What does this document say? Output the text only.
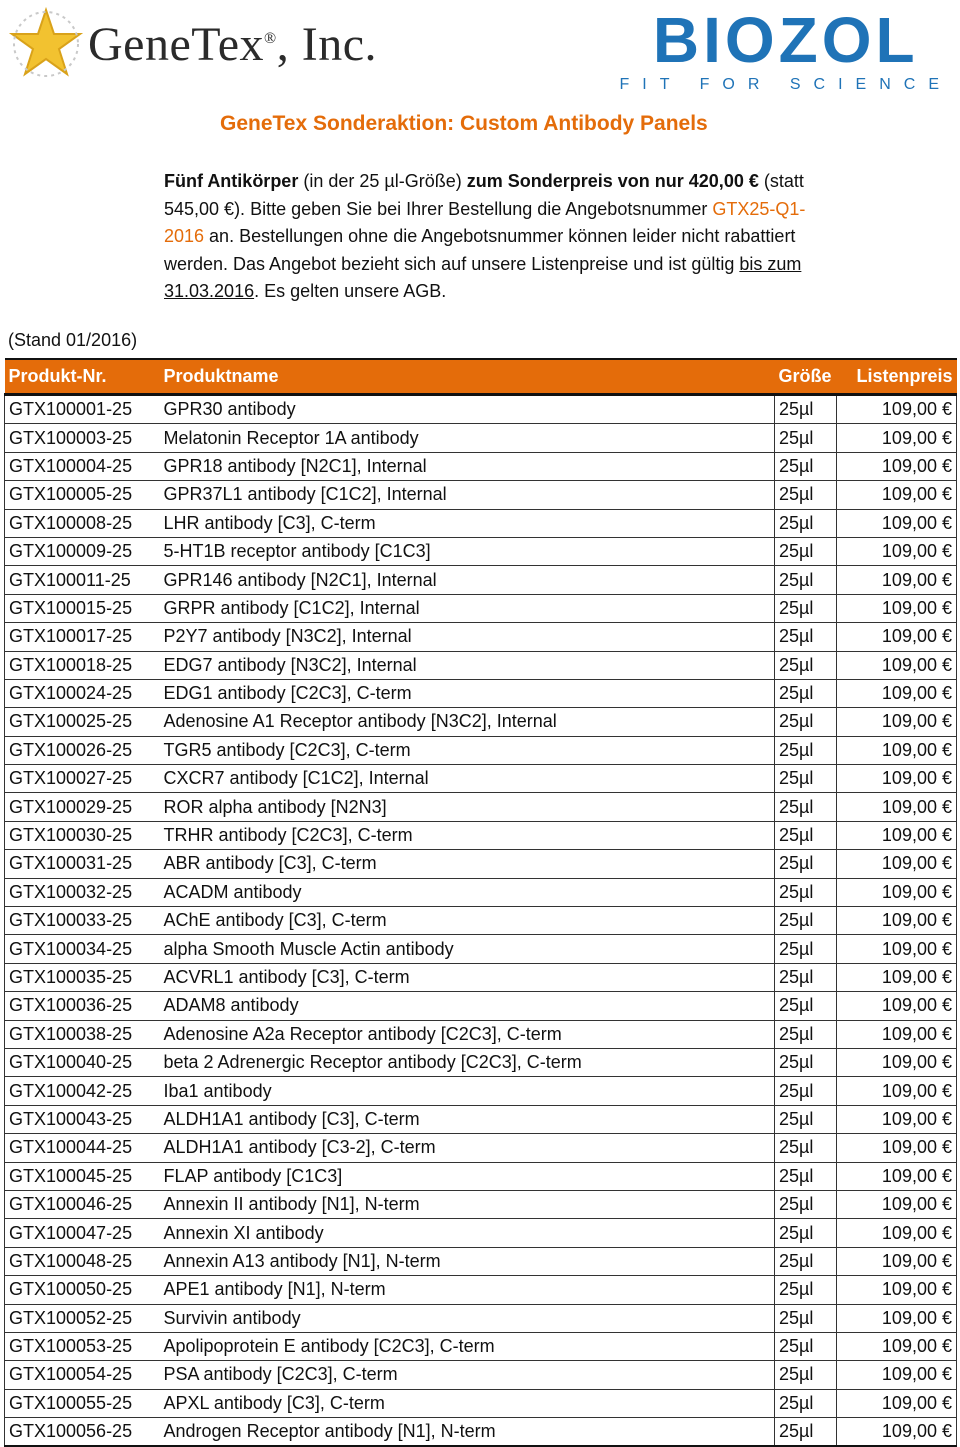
GeneTex®, Inc.	BIOZOL
FIT FOR SCIENCE
GeneTex Sonderaktion: Custom Antibody Panels
Fünf Antikörper (in der 25 µl-Größe) zum Sonderpreis von nur 420,00 € (statt 545,00 €). Bitte geben Sie bei Ihrer Bestellung die Angebotsnummer GTX25-Q1-2016 an. Bestellungen ohne die Angebotsnummer können leider nicht rabattiert werden. Das Angebot bezieht sich auf unsere Listenpreise und ist gültig bis zum 31.03.2016. Es gelten unsere AGB.
(Stand 01/2016)
Produkt-Nr.	Produktname	Größe	Listenpreis
GTX100001-25	GPR30 antibody	25µl	109,00 €
GTX100003-25	Melatonin Receptor 1A antibody	25µl	109,00 €
GTX100004-25	GPR18 antibody [N2C1], Internal	25µl	109,00 €
GTX100005-25	GPR37L1 antibody [C1C2], Internal	25µl	109,00 €
GTX100008-25	LHR antibody [C3], C-term	25µl	109,00 €
GTX100009-25	5-HT1B receptor antibody [C1C3]	25µl	109,00 €
GTX100011-25	GPR146 antibody [N2C1], Internal	25µl	109,00 €
GTX100015-25	GRPR antibody [C1C2], Internal	25µl	109,00 €
GTX100017-25	P2Y7 antibody [N3C2], Internal	25µl	109,00 €
GTX100018-25	EDG7 antibody [N3C2], Internal	25µl	109,00 €
GTX100024-25	EDG1 antibody [C2C3], C-term	25µl	109,00 €
GTX100025-25	Adenosine A1 Receptor antibody [N3C2], Internal	25µl	109,00 €
GTX100026-25	TGR5 antibody [C2C3], C-term	25µl	109,00 €
GTX100027-25	CXCR7 antibody [C1C2], Internal	25µl	109,00 €
GTX100029-25	ROR alpha antibody [N2N3]	25µl	109,00 €
GTX100030-25	TRHR antibody [C2C3], C-term	25µl	109,00 €
GTX100031-25	ABR antibody [C3], C-term	25µl	109,00 €
GTX100032-25	ACADM antibody	25µl	109,00 €
GTX100033-25	AChE antibody [C3], C-term	25µl	109,00 €
GTX100034-25	alpha Smooth Muscle Actin antibody	25µl	109,00 €
GTX100035-25	ACVRL1 antibody [C3], C-term	25µl	109,00 €
GTX100036-25	ADAM8 antibody	25µl	109,00 €
GTX100038-25	Adenosine A2a Receptor antibody [C2C3], C-term	25µl	109,00 €
GTX100040-25	beta 2 Adrenergic Receptor antibody [C2C3], C-term	25µl	109,00 €
GTX100042-25	Iba1 antibody	25µl	109,00 €
GTX100043-25	ALDH1A1 antibody [C3], C-term	25µl	109,00 €
GTX100044-25	ALDH1A1 antibody [C3-2], C-term	25µl	109,00 €
GTX100045-25	FLAP antibody [C1C3]	25µl	109,00 €
GTX100046-25	Annexin II antibody [N1], N-term	25µl	109,00 €
GTX100047-25	Annexin XI antibody	25µl	109,00 €
GTX100048-25	Annexin A13 antibody [N1], N-term	25µl	109,00 €
GTX100050-25	APE1 antibody [N1], N-term	25µl	109,00 €
GTX100052-25	Survivin antibody	25µl	109,00 €
GTX100053-25	Apolipoprotein E antibody [C2C3], C-term	25µl	109,00 €
GTX100054-25	PSA antibody [C2C3], C-term	25µl	109,00 €
GTX100055-25	APXL antibody [C3], C-term	25µl	109,00 €
GTX100056-25	Androgen Receptor antibody [N1], N-term	25µl	109,00 €
